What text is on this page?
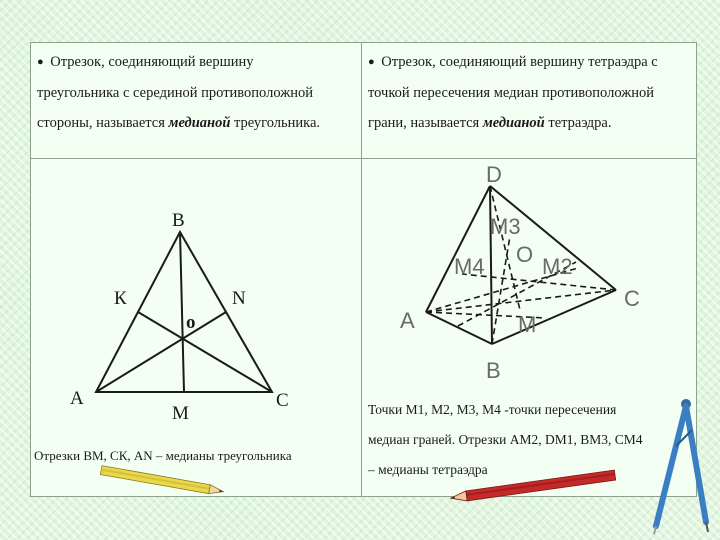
● Отрезок, соединяющий вершину
треугольника с серединой противоположной
стороны, называется медианой треугольника.
● Отрезок, соединяющий вершину тетраэдра с
точкой пересечения медиан противоположной
грани, называется медианой тетраэдра.
В
К	N
о
А
М
С
D
M3
O
M4	M2
C
A	M
B
Отрезки ВМ, СК, АN – медианы треугольника
Точки М1, М2, М3, М4 -точки пересечения
медиан граней. Отрезки АМ2, DМ1, ВМ3, СМ4
– медианы тетраэдра
